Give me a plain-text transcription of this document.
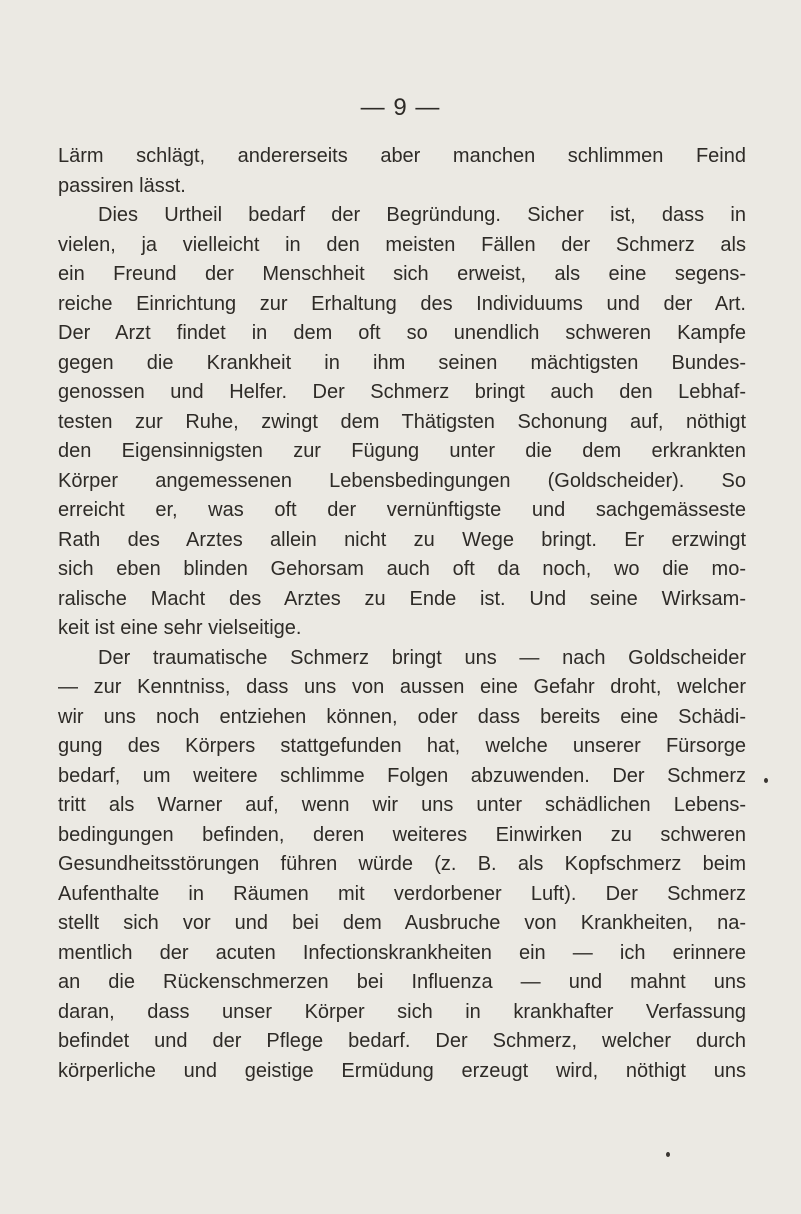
— 9 —
Lärm schlägt, andererseits aber manchen schlimmen Feind
passiren lässt.
Dies Urtheil bedarf der Begründung. Sicher ist, dass in
vielen, ja vielleicht in den meisten Fällen der Schmerz als
ein Freund der Menschheit sich erweist, als eine segens-
reiche Einrichtung zur Erhaltung des Individuums und der Art.
Der Arzt findet in dem oft so unendlich schweren Kampfe
gegen die Krankheit in ihm seinen mächtigsten Bundes-
genossen und Helfer. Der Schmerz bringt auch den Lebhaf-
testen zur Ruhe, zwingt dem Thätigsten Schonung auf, nöthigt
den Eigensinnigsten zur Fügung unter die dem erkrankten
Körper angemessenen Lebensbedingungen (Goldscheider). So
erreicht er, was oft der vernünftigste und sachgemässeste
Rath des Arztes allein nicht zu Wege bringt. Er erzwingt
sich eben blinden Gehorsam auch oft da noch, wo die mo-
ralische Macht des Arztes zu Ende ist. Und seine Wirksam-
keit ist eine sehr vielseitige.
Der traumatische Schmerz bringt uns — nach Goldscheider
— zur Kenntniss, dass uns von aussen eine Gefahr droht, welcher
wir uns noch entziehen können, oder dass bereits eine Schädi-
gung des Körpers stattgefunden hat, welche unserer Fürsorge
bedarf, um weitere schlimme Folgen abzuwenden. Der Schmerz
tritt als Warner auf, wenn wir uns unter schädlichen Lebens-
bedingungen befinden, deren weiteres Einwirken zu schweren
Gesundheitsstörungen führen würde (z. B. als Kopfschmerz beim
Aufenthalte in Räumen mit verdorbener Luft). Der Schmerz
stellt sich vor und bei dem Ausbruche von Krankheiten, na-
mentlich der acuten Infectionskrankheiten ein — ich erinnere
an die Rückenschmerzen bei Influenza — und mahnt uns
daran, dass unser Körper sich in krankhafter Verfassung
befindet und der Pflege bedarf. Der Schmerz, welcher durch
körperliche und geistige Ermüdung erzeugt wird, nöthigt uns
